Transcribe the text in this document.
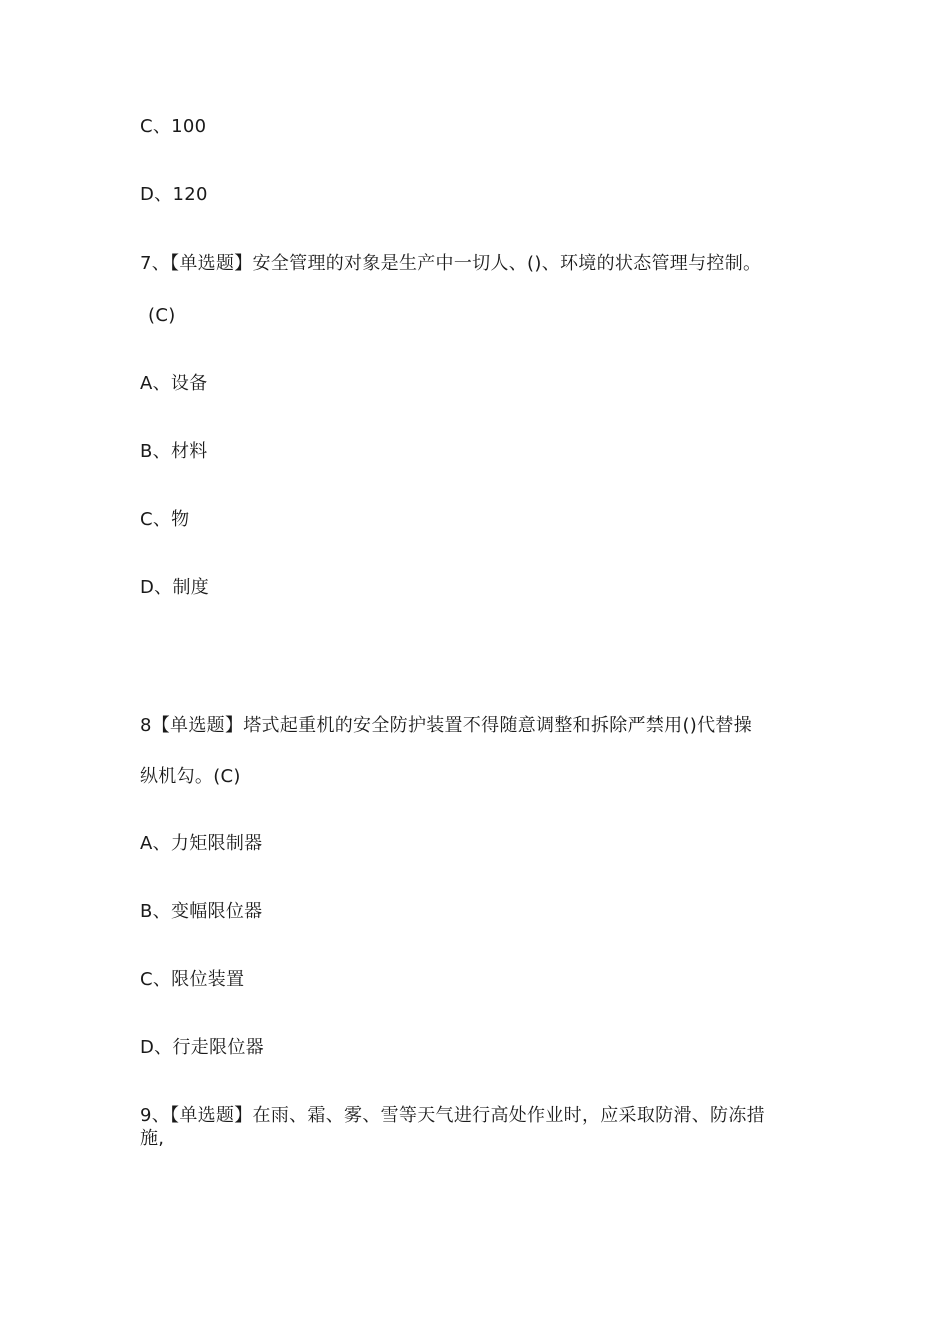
C、100
D、120
7、【单选题】安全管理的对象是生产中一切人、()、环境的状态管理与控制。
(C)
A、设备
B、材料
C、物
D、制度
8【单选题】塔式起重机的安全防护装置不得随意调整和拆除严禁用()代替操
纵机勾。(C)
A、力矩限制器
B、变幅限位器
C、限位装置
D、行走限位器
9、【单选题】在雨、霜、雾、雪等天气进行高处作业时，应采取防滑、防冻措
施,
